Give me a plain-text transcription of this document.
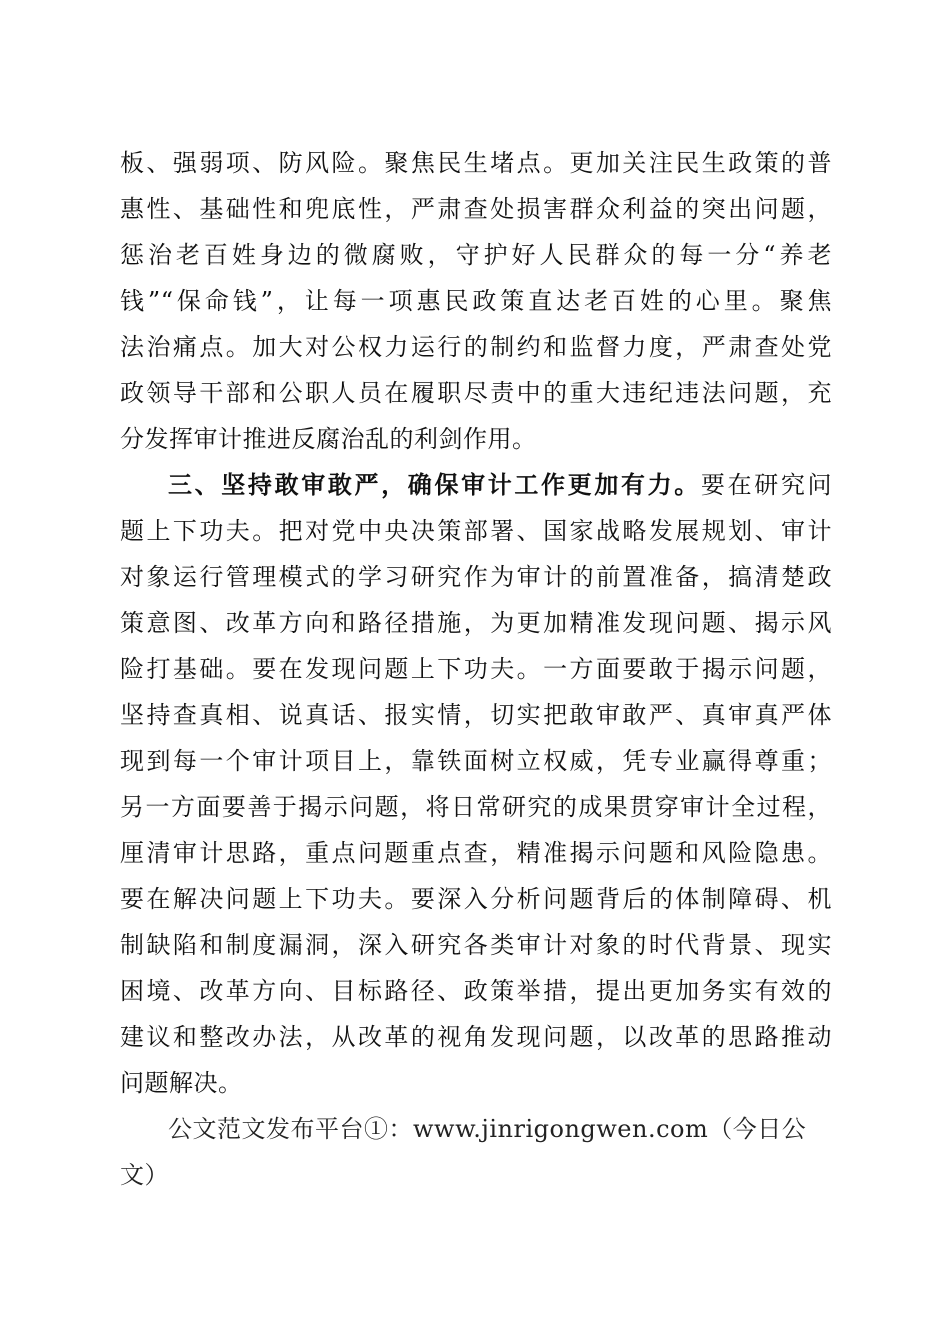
板、强弱项、防风险。聚焦民生堵点。更加关注民生政策的普
惠性、基础性和兜底性，严肃查处损害群众利益的突出问题，
惩治老百姓身边的微腐败，守护好人民群众的每一分“养老
钱”“保命钱”，让每一项惠民政策直达老百姓的心里。聚焦
法治痛点。加大对公权力运行的制约和监督力度，严肃查处党
政领导干部和公职人员在履职尽责中的重大违纪违法问题，充
分发挥审计推进反腐治乱的利剑作用。
三、坚持敢审敢严，确保审计工作更加有力。要在研究问
题上下功夫。把对党中央决策部署、国家战略发展规划、审计
对象运行管理模式的学习研究作为审计的前置准备，搞清楚政
策意图、改革方向和路径措施，为更加精准发现问题、揭示风
险打基础。要在发现问题上下功夫。一方面要敢于揭示问题，
坚持查真相、说真话、报实情，切实把敢审敢严、真审真严体
现到每一个审计项目上，靠铁面树立权威，凭专业赢得尊重；
另一方面要善于揭示问题，将日常研究的成果贯穿审计全过程，
厘清审计思路，重点问题重点查，精准揭示问题和风险隐患。
要在解决问题上下功夫。要深入分析问题背后的体制障碍、机
制缺陷和制度漏洞，深入研究各类审计对象的时代背景、现实
困境、改革方向、目标路径、政策举措，提出更加务实有效的
建议和整改办法，从改革的视角发现问题，以改革的思路推动
问题解决。
公文范文发布平台①：www.jinrigongwen.com（今日公
文）
